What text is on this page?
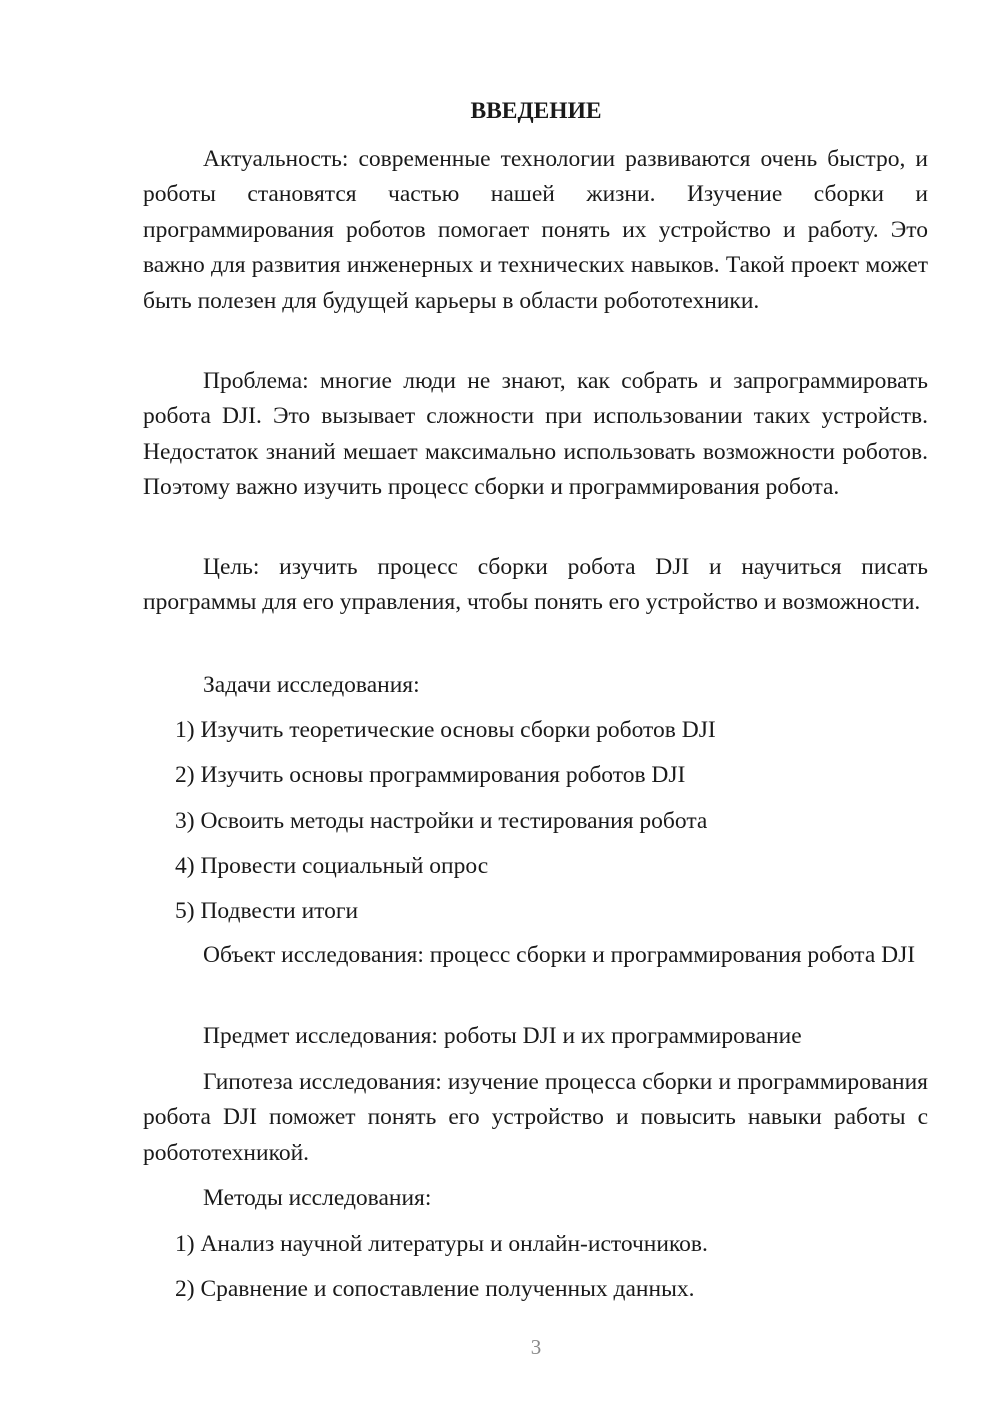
ВВЕДЕНИЕ

Актуальность: современные технологии развиваются очень быстро, и роботы становятся частью нашей жизни. Изучение сборки и программирования роботов помогает понять их устройство и работу. Это важно для развития инженерных и технических навыков. Такой проект может быть полезен для будущей карьеры в области робототехники.

Проблема: многие люди не знают, как собрать и запрограммировать робота DJI. Это вызывает сложности при использовании таких устройств. Недостаток знаний мешает максимально использовать возможности роботов. Поэтому важно изучить процесс сборки и программирования робота.

Цель: изучить процесс сборки робота DJI и научиться писать программы для его управления, чтобы понять его устройство и возможности.

Задачи исследования:
1) Изучить теоретические основы сборки роботов DJI
2) Изучить основы программирования роботов DJI
3) Освоить методы настройки и тестирования робота
4) Провести социальный опрос
5) Подвести итоги

Объект исследования: процесс сборки и программирования робота DJI

Предмет исследования: роботы DJI и их программирование

Гипотеза исследования: изучение процесса сборки и программирования робота DJI поможет понять его устройство и повысить навыки работы с робототехникой.

Методы исследования:
1) Анализ научной литературы и онлайн-источников.
2) Сравнение и сопоставление полученных данных.
3
